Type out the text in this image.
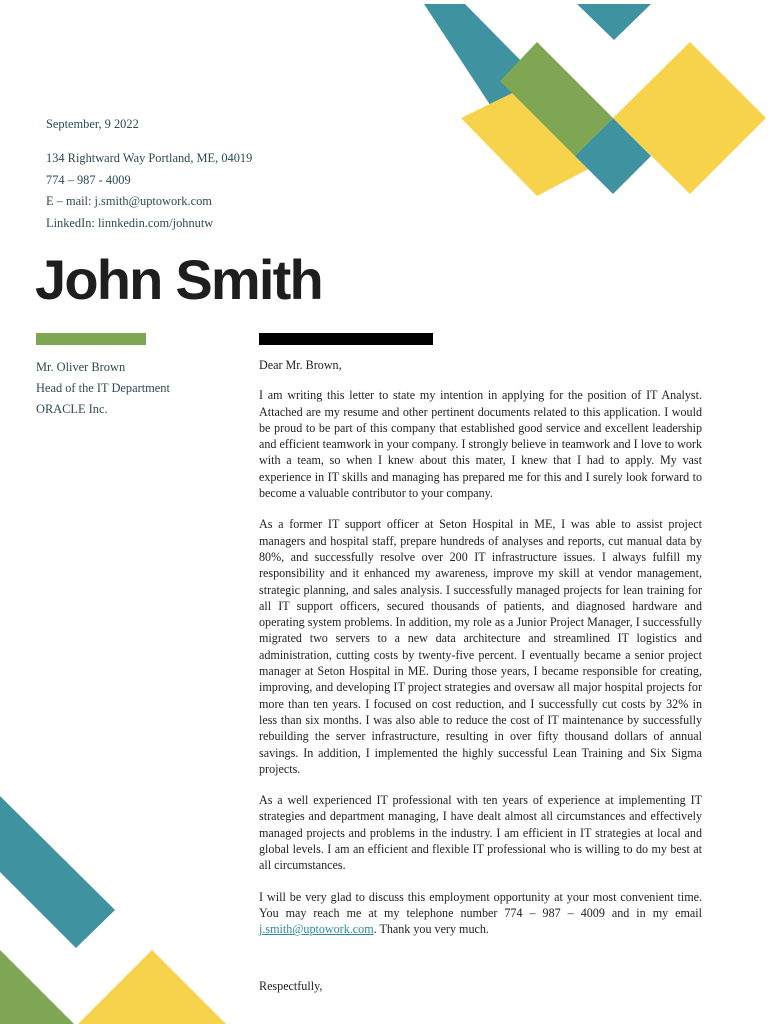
September, 9 2022
134 Rightward Way Portland, ME, 04019
774 – 987 - 4009
E – mail: j.smith@uptowork.com
LinkedIn: linnkedin.com/johnutw
John Smith
Mr. Oliver Brown
Head of the IT Department
ORACLE Inc.

Dear Mr. Brown,

I am writing this letter to state my intention in applying for the position of IT Analyst. Attached are my resume and other pertinent documents related to this application. I would be proud to be part of this company that established good service and excellent leadership and efficient teamwork in your company. I strongly believe in teamwork and I love to work with a team, so when I knew about this mater, I knew that I had to apply. My vast experience in IT skills and managing has prepared me for this and I surely look forward to become a valuable contributor to your company.

As a former IT support officer at Seton Hospital in ME, I was able to assist project managers and hospital staff, prepare hundreds of analyses and reports, cut manual data by 80%, and successfully resolve over 200 IT infrastructure issues. I always fulfill my responsibility and it enhanced my awareness, improve my skill at vendor management, strategic planning, and sales analysis. I successfully managed projects for lean training for all IT support officers, secured thousands of patients, and diagnosed hardware and operating system problems. In addition, my role as a Junior Project Manager, I successfully migrated two servers to a new data architecture and streamlined IT logistics and administration, cutting costs by twenty-five percent. I eventually became a senior project manager at Seton Hospital in ME. During those years, I became responsible for creating, improving, and developing IT project strategies and oversaw all major hospital projects for more than ten years. I focused on cost reduction, and I successfully cut costs by 32% in less than six months. I was also able to reduce the cost of IT maintenance by successfully rebuilding the server infrastructure, resulting in over fifty thousand dollars of annual savings. In addition, I implemented the highly successful Lean Training and Six Sigma projects.

As a well experienced IT professional with ten years of experience at implementing IT strategies and department managing, I have dealt almost all circumstances and effectively managed projects and problems in the industry. I am efficient in IT strategies at local and global levels. I am an efficient and flexible IT professional who is willing to do my best at all circumstances.

I will be very glad to discuss this employment opportunity at your most convenient time. You may reach me at my telephone number 774 – 987 – 4009 and in my email j.smith@uptowork.com. Thank you very much.

Respectfully,
